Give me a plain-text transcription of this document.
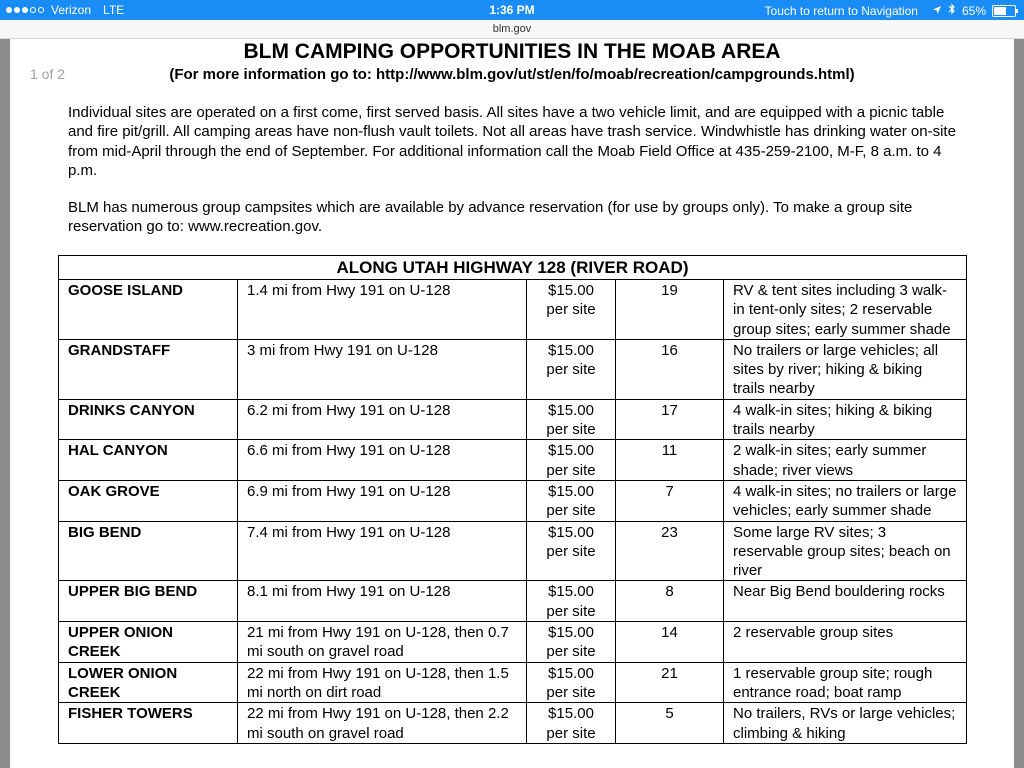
Verizon LTE	1:36 PM	Touch to return to Navigation	65%
blm.gov
BLM CAMPING OPPORTUNITIES IN THE MOAB AREA
(For more information go to: http://www.blm.gov/ut/st/en/fo/moab/recreation/campgrounds.html)
Individual sites are operated on a first come, first served basis. All sites have a two vehicle limit, and are equipped with a picnic table and fire pit/grill. All camping areas have non-flush vault toilets. Not all areas have trash service. Windwhistle has drinking water on-site from mid-April through the end of September. For additional information call the Moab Field Office at 435-259-2100, M-F, 8 a.m. to 4 p.m.
BLM has numerous group campsites which are available by advance reservation (for use by groups only). To make a group site reservation go to: www.recreation.gov.
ALONG UTAH HIGHWAY 128 (RIVER ROAD)				
GOOSE ISLAND	1.4 mi from Hwy 191 on U-128	$15.00 per site	19	RV & tent sites including 3 walk-in tent-only sites; 2 reservable group sites; early summer shade
GRANDSTAFF	3 mi from Hwy 191 on U-128	$15.00 per site	16	No trailers or large vehicles; all sites by river; hiking & biking trails nearby
DRINKS CANYON	6.2 mi from Hwy 191 on U-128	$15.00 per site	17	4 walk-in sites; hiking & biking trails nearby
HAL CANYON	6.6 mi from Hwy 191 on U-128	$15.00 per site	11	2 walk-in sites; early summer shade; river views
OAK GROVE	6.9 mi from Hwy 191 on U-128	$15.00 per site	7	4 walk-in sites; no trailers or large vehicles; early summer shade
BIG BEND	7.4 mi from Hwy 191 on U-128	$15.00 per site	23	Some large RV sites; 3 reservable group sites; beach on river
UPPER BIG BEND	8.1 mi from Hwy 191 on U-128	$15.00 per site	8	Near Big Bend bouldering rocks
UPPER ONION CREEK	21 mi from Hwy 191 on U-128, then 0.7 mi south on gravel road	$15.00 per site	14	2 reservable group sites
LOWER ONION CREEK	22 mi from Hwy 191 on U-128, then 1.5 mi north on dirt road	$15.00 per site	21	1 reservable group site; rough entrance road; boat ramp
FISHER TOWERS	22 mi from Hwy 191 on U-128, then 2.2 mi south on gravel road	$15.00 per site	5	No trailers, RVs or large vehicles; climbing & hiking
1 of 2
